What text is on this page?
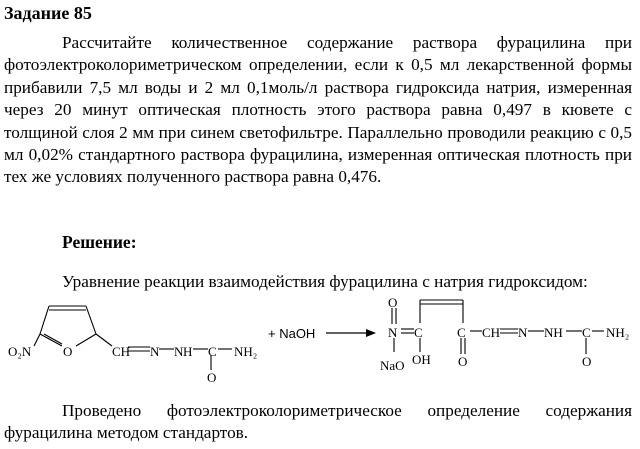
Задание 85

Рассчитайте количественное содержание раствора фурацилина при фотоэлектроколориметрическом определении, если к 0,5 мл лекарственной формы прибавили 7,5 мл воды и 2 мл 0,1моль/л раствора гидроксида натрия, измеренная через 20 минут оптическая плотность этого раствора равна 0,497 в кювете с толщиной слоя 2 мм при синем светофильтре. Параллельно проводили реакцию с 0,5 мл 0,02% стандартного раствора фурацилина, измеренная оптическая плотность при тех же условиях полученного раствора равна 0,476.

Решение:
Уравнение реакции взаимодействия фурацилина с натрия гидроксидом:
O₂N O	CH N N H C NH₂
O
+ NaOH
O
N C
OH
NaO
C
O
CH N NH C NH₂
O

Проведено фотоэлектроколориметрическое определение содержания фурацилина методом стандартов.
